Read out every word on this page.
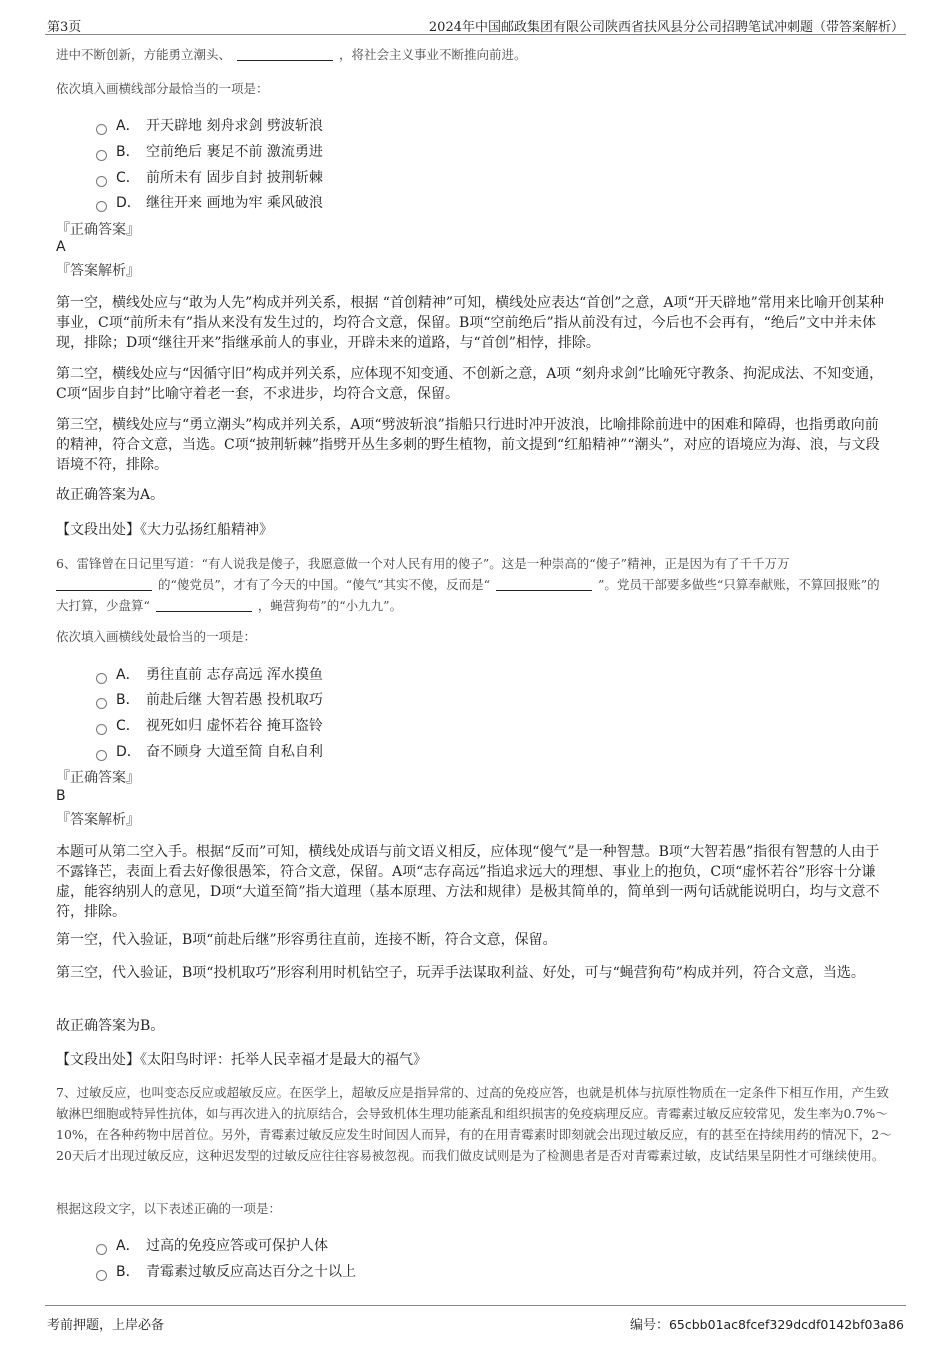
第3页	2024年中国邮政集团有限公司陕西省扶风县分公司招聘笔试冲刺题（带答案解析）
进中不断创新，方能勇立潮头、	，将社会主义事业不断推向前进。
依次填入画横线部分最恰当的一项是：
A． 开天辟地 刻舟求剑 劈波斩浪
B． 空前绝后 裹足不前 激流勇进
C． 前所未有 固步自封 披荆斩棘
D． 继往开来 画地为牢 乘风破浪
『正确答案』
A
『答案解析』
第一空，横线处应与“敢为人先”构成并列关系，根据 “首创精神”可知，横线处应表达“首创”之意，A项“开天辟地”常用来比喻开创某种事业，C项“前所未有”指从来没有发生过的，均符合文意，保留。B项“空前绝后”指从前没有过，今后也不会再有，“绝后”文中并未体现，排除；D项“继往开来”指继承前人的事业，开辟未来的道路，与“首创”相悖，排除。
第二空，横线处应与“因循守旧”构成并列关系，应体现不知变通、不创新之意，A项 “刻舟求剑”比喻死守教条、拘泥成法、不知变通，C项“固步自封”比喻守着老一套，不求进步，均符合文意，保留。
第三空，横线处应与“勇立潮头”构成并列关系，A项“劈波斩浪”指船只行进时冲开波浪，比喻排除前进中的困难和障碍，也指勇敢向前的精神，符合文意，当选。C项“披荆斩棘”指劈开丛生多刺的野生植物，前文提到“红船精神”“潮头”，对应的语境应为海、浪，与文段语境不符，排除。
故正确答案为A。
【文段出处】《大力弘扬红船精神》
6、雷锋曾在日记里写道：“有人说我是傻子，我愿意做一个对人民有用的傻子”。这是一种崇高的“傻子”精神，正是因为有了千千万万
的“傻党员”，才有了今天的中国。“傻气”其实不傻，反而是“	”。党员干部要多做些“只算奉献账，不算回报账”的大打算，少盘算“	，蝇营狗苟”的“小九九”。
依次填入画横线处最恰当的一项是：
A． 勇往直前 志存高远 浑水摸鱼
B． 前赴后继 大智若愚 投机取巧
C． 视死如归 虚怀若谷 掩耳盗铃
D． 奋不顾身 大道至简 自私自利
『正确答案』
B
『答案解析』
本题可从第二空入手。根据“反而”可知，横线处成语与前文语义相反，应体现“傻气”是一种智慧。B项“大智若愚”指很有智慧的人由于不露锋芒，表面上看去好像很愚笨，符合文意，保留。A项“志存高远”指追求远大的理想、事业上的抱负，C项“虚怀若谷”形容十分谦虚，能容纳别人的意见，D项“大道至简”指大道理（基本原理、方法和规律）是极其简单的，简单到一两句话就能说明白，均与文意不符，排除。
第一空，代入验证，B项“前赴后继”形容勇往直前，连接不断，符合文意，保留。
第三空，代入验证，B项“投机取巧”形容利用时机钻空子，玩弄手法谋取利益、好处，可与“蝇营狗苟”构成并列，符合文意，当选。
故正确答案为B。
【文段出处】《太阳鸟时评：托举人民幸福才是最大的福气》
7、过敏反应，也叫变态反应或超敏反应。在医学上，超敏反应是指异常的、过高的免疫应答，也就是机体与抗原性物质在一定条件下相互作用，产生致敏淋巴细胞或特异性抗体，如与再次进入的抗原结合，会导致机体生理功能紊乱和组织损害的免疫病理反应。青霉素过敏反应较常见，发生率为0.7%～10%，在各种药物中居首位。另外，青霉素过敏反应发生时间因人而异，有的在用青霉素时即刻就会出现过敏反应，有的甚至在持续用药的情况下，2～20天后才出现过敏反应，这种迟发型的过敏反应往往容易被忽视。而我们做皮试则是为了检测患者是否对青霉素过敏，皮试结果呈阴性才可继续使用。
根据这段文字，以下表述正确的一项是：
A． 过高的免疫应答或可保护人体
B． 青霉素过敏反应高达百分之十以上
考前押题，上岸必备	编号：65cbb01ac8fcef329dcdf0142bf03a86
